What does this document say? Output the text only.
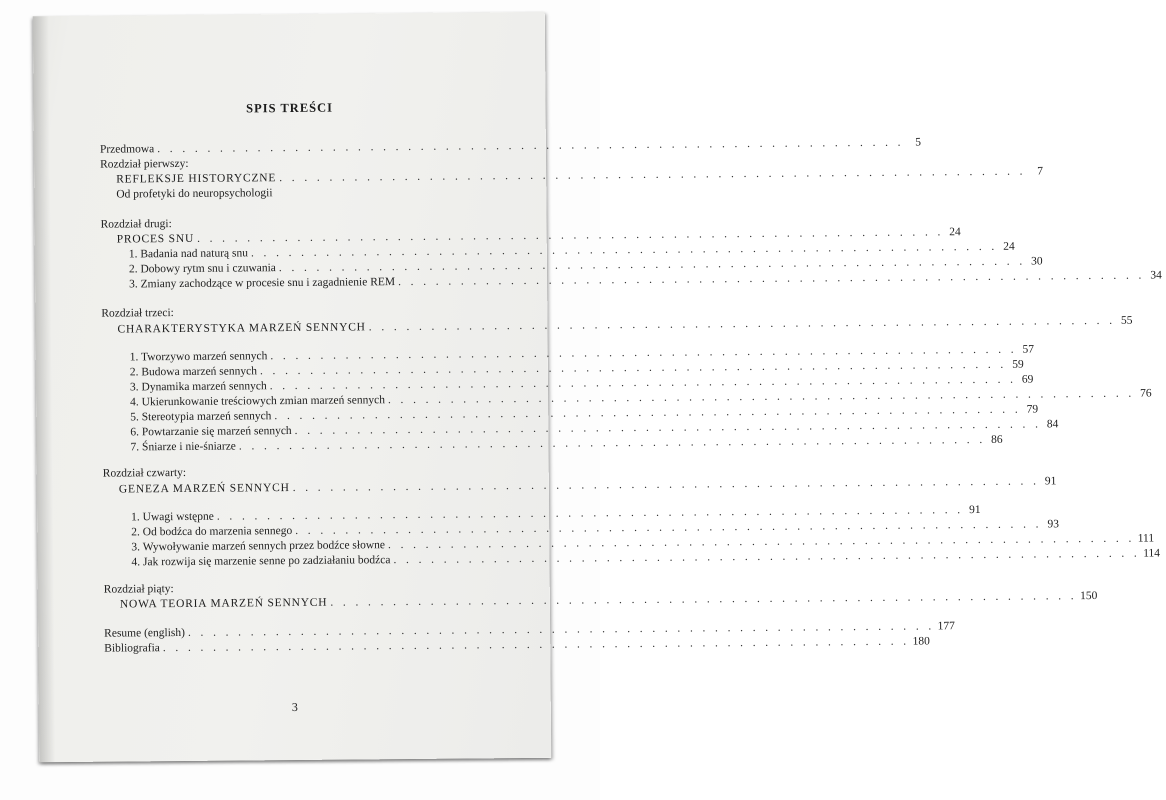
SPIS TREŚCI
Przedmowa . . . . . . . . . . . . . . . . . . . . . . . . . . . . . . . . . . . . . . . . . . . . . . . . . . . . . . . . . . . . 5
Rozdział pierwszy:
REFLEKSJE HISTORYCZNE . . . . . . . . . . . . . . . . . . . . . . . . . . . . . . . . . . . . . . . . . . . . . . . . . . . . . . . . . . . . 7
Od profetyki do neuropsychologii
Rozdział drugi:
PROCES SNU . . . . . . . . . . . . . . . . . . . . . . . . . . . . . . . . . . . . . . . . . . . . . . . . . . . . . . . . . . . . 24
1. Badania nad naturą snu . . . . . . . . . . . . . . . . . . . . . . . . . . . . . . . . . . . . . . . . . . . . . . . . . . . . . . . . . . . . 24
2. Dobowy rytm snu i czuwania . . . . . . . . . . . . . . . . . . . . . . . . . . . . . . . . . . . . . . . . . . . . . . . . . . . . . . . . . . . . 30
3. Zmiany zachodzące w procesie snu i zagadnienie REM . . . . . . . . . . . . . . . . . . . . . . . . . . . . . . . . . . . . . . . . . . . . . . . . . . . . . . . . . . . . 34
Rozdział trzeci:
CHARAKTERYSTYKA MARZEŃ SENNYCH . . . . . . . . . . . . . . . . . . . . . . . . . . . . . . . . . . . . . . . . . . . . . . . . . . . . . . . . . . . . 55
1. Tworzywo marzeń sennych . . . . . . . . . . . . . . . . . . . . . . . . . . . . . . . . . . . . . . . . . . . . . . . . . . . . . . . . . . . . 57
2. Budowa marzeń sennych . . . . . . . . . . . . . . . . . . . . . . . . . . . . . . . . . . . . . . . . . . . . . . . . . . . . . . . . . . . . 59
3. Dynamika marzeń sennych . . . . . . . . . . . . . . . . . . . . . . . . . . . . . . . . . . . . . . . . . . . . . . . . . . . . . . . . . . . . 69
4. Ukierunkowanie treściowych zmian marzeń sennych . . . . . . . . . . . . . . . . . . . . . . . . . . . . . . . . . . . . . . . . . . . . . . . . . . . . . . . . . . . . 76
5. Stereotypia marzeń sennych . . . . . . . . . . . . . . . . . . . . . . . . . . . . . . . . . . . . . . . . . . . . . . . . . . . . . . . . . . . . 79
6. Powtarzanie się marzeń sennych . . . . . . . . . . . . . . . . . . . . . . . . . . . . . . . . . . . . . . . . . . . . . . . . . . . . . . . . . . . . 84
7. Śniarze i nie-śniarze . . . . . . . . . . . . . . . . . . . . . . . . . . . . . . . . . . . . . . . . . . . . . . . . . . . . . . . . . . . . 86
Rozdział czwarty:
GENEZA MARZEŃ SENNYCH . . . . . . . . . . . . . . . . . . . . . . . . . . . . . . . . . . . . . . . . . . . . . . . . . . . . . . . . . . . . 91
1. Uwagi wstępne . . . . . . . . . . . . . . . . . . . . . . . . . . . . . . . . . . . . . . . . . . . . . . . . . . . . . . . . . . . . 91
2. Od bodźca do marzenia sennego . . . . . . . . . . . . . . . . . . . . . . . . . . . . . . . . . . . . . . . . . . . . . . . . . . . . . . . . . . . . 93
3. Wywoływanie marzeń sennych przez bodźce słowne . . . . . . . . . . . . . . . . . . . . . . . . . . . . . . . . . . . . . . . . . . . . . . . . . . . . . . . . . . . . 111
4. Jak rozwija się marzenie senne po zadziałaniu bodźca . . . . . . . . . . . . . . . . . . . . . . . . . . . . . . . . . . . . . . . . . . . . . . . . . . . . . . . . . . . . 114
Rozdział piąty:
NOWA TEORIA MARZEŃ SENNYCH . . . . . . . . . . . . . . . . . . . . . . . . . . . . . . . . . . . . . . . . . . . . . . . . . . . . . . . . . . . . 150
Resume (english) . . . . . . . . . . . . . . . . . . . . . . . . . . . . . . . . . . . . . . . . . . . . . . . . . . . . . . . . . . . . 177
Bibliografia . . . . . . . . . . . . . . . . . . . . . . . . . . . . . . . . . . . . . . . . . . . . . . . . . . . . . . . . . . . . 180
3
